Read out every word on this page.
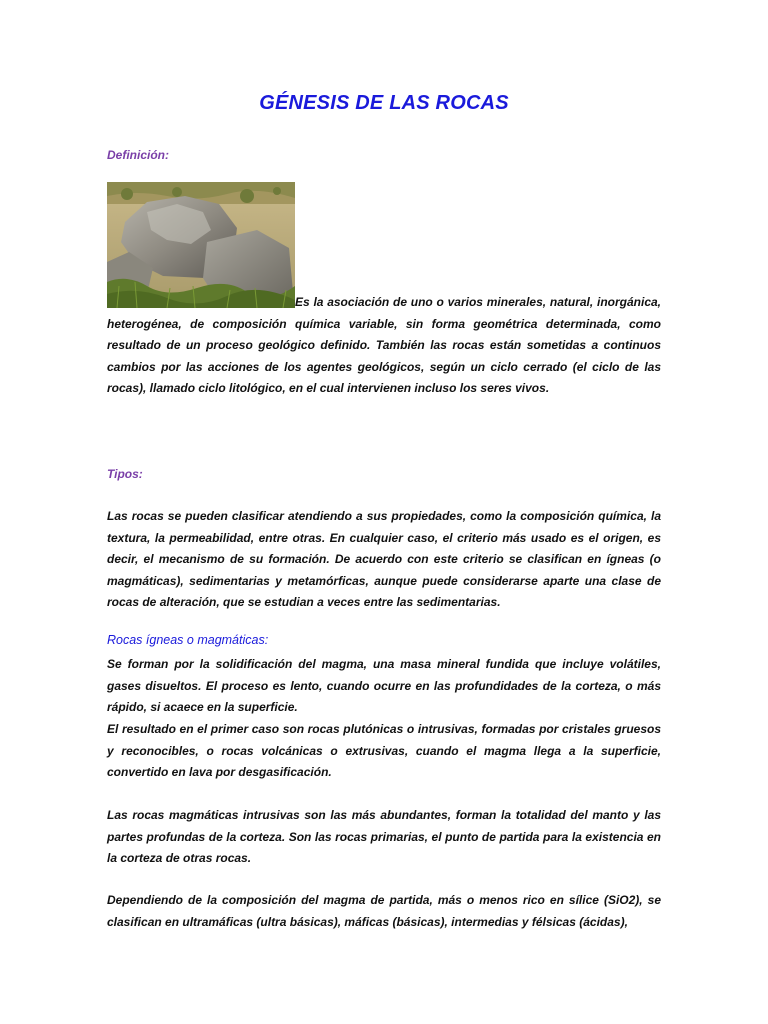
GÉNESIS DE LAS ROCAS

Definición:

Es la asociación de uno o varios minerales, natural, inorgánica, heterogénea, de composición química variable, sin forma geométrica determinada, como resultado de un proceso geológico definido. También las rocas están sometidas a continuos cambios por las acciones de los agentes geológicos, según un ciclo cerrado (el ciclo de las rocas), llamado ciclo litológico, en el cual intervienen incluso los seres vivos.

Tipos:

Las rocas se pueden clasificar atendiendo a sus propiedades, como la composición química, la textura, la permeabilidad, entre otras. En cualquier caso, el criterio más usado es el origen, es decir, el mecanismo de su formación. De acuerdo con este criterio se clasifican en ígneas (o magmáticas), sedimentarias y metamórficas, aunque puede considerarse aparte una clase de rocas de alteración, que se estudian a veces entre las sedimentarias.

Rocas ígneas o magmáticas:

Se forman por la solidificación del magma, una masa mineral fundida que incluye volátiles, gases disueltos. El proceso es lento, cuando ocurre en las profundidades de la corteza, o más rápido, si acaece en la superficie.

El resultado en el primer caso son rocas plutónicas o intrusivas, formadas por cristales gruesos y reconocibles, o rocas volcánicas o extrusivas, cuando el magma llega a la superficie, convertido en lava por desgasificación.

Las rocas magmáticas intrusivas son las más abundantes, forman la totalidad del manto y las partes profundas de la corteza. Son las rocas primarias, el punto de partida para la existencia en la corteza de otras rocas.

Dependiendo de la composición del magma de partida, más o menos rico en sílice (SiO2), se clasifican en ultramáficas (ultra básicas), máficas (básicas), intermedias y félsicas (ácidas),
